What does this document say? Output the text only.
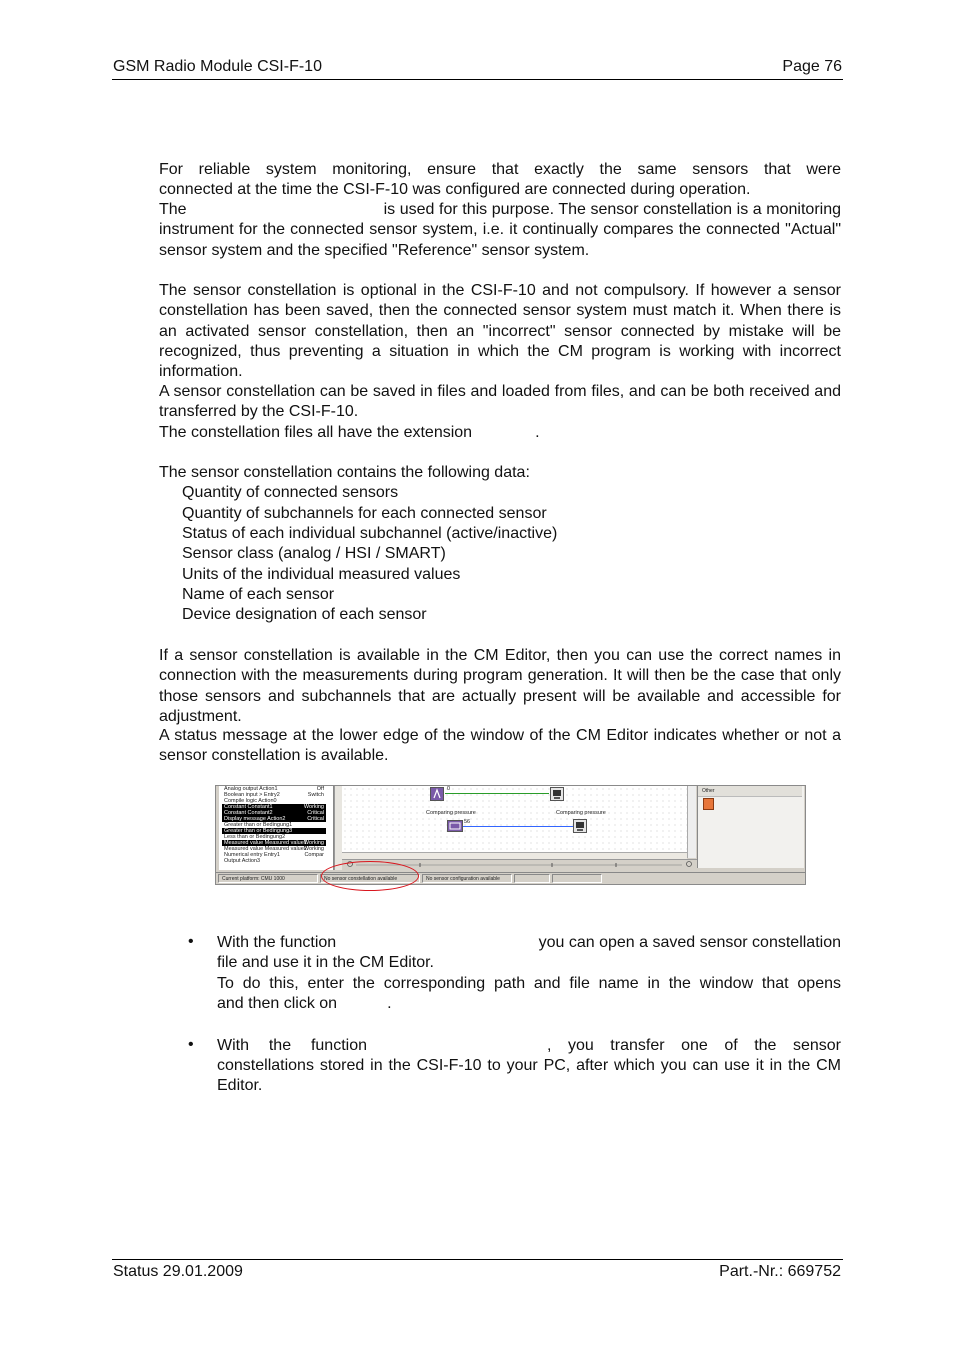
GSM Radio Module CSI-F-10	Page 76
For reliable system monitoring, ensure that exactly the same sensors that were
connected at the time the CSI-F-10 was configured are connected during operation.
The	is used for this purpose. The sensor constellation is a monitoring instrument for the connected sensor system, i.e. it continually compares the connected "Actual" sensor system and the specified "Reference" sensor system.
The sensor constellation is optional in the CSI-F-10 and not compulsory. If however a sensor constellation has been saved, then the connected sensor system must match it. When there is an activated sensor constellation, then an "incorrect" sensor connected by mistake will be recognized, thus preventing a situation in which the CM program is working with incorrect information.
A sensor constellation can be saved in files and loaded from files, and can be both received and transferred by the CSI-F-10.
The constellation files all have the extension	.
The sensor constellation contains the following data:
Quantity of connected sensors
Quantity of subchannels for each connected sensor
Status of each individual subchannel (active/inactive)
Sensor class (analog / HSI / SMART)
Units of the individual measured values
Name of each sensor
Device designation of each sensor
If a sensor constellation is available in the CM Editor, then you can use the correct names in connection with the measurements during program generation. It will then be the case that only those sensors and subchannels that are actually present will be available and accessible for adjustment.
A status message at the lower edge of the window of the CM Editor indicates whether or not a sensor constellation is available.
Analog output Action1	Off
Boolean input > Entry2	Switch
Compile logic Action0
Constant Constant1	Working
Constant Constant2	Critical
Display message Action2	Critical
Greater than or Bedingung1
Greater than or Bedingung3
Less than or Bedingung2
Measured value Measured value1
Working
Measured value Measured value2
Working
Numerical entry Entry1	Compar
Output Action3
0
Comparing pressure	Comparing pressure
56
Other
Current platform: CMU 1000	No sensor constellation available	No sensor configuration available
• With the function	you can open a saved sensor constellation
file and use it in the CM Editor.
To do this, enter the corresponding path and file name in the window that opens
and then click on	.
• With the function	, you transfer one of the sensor
constellations stored in the CSI-F-10 to your PC, after which you can use it in the CM Editor.
Status 29.01.2009	Part.-Nr.: 669752
